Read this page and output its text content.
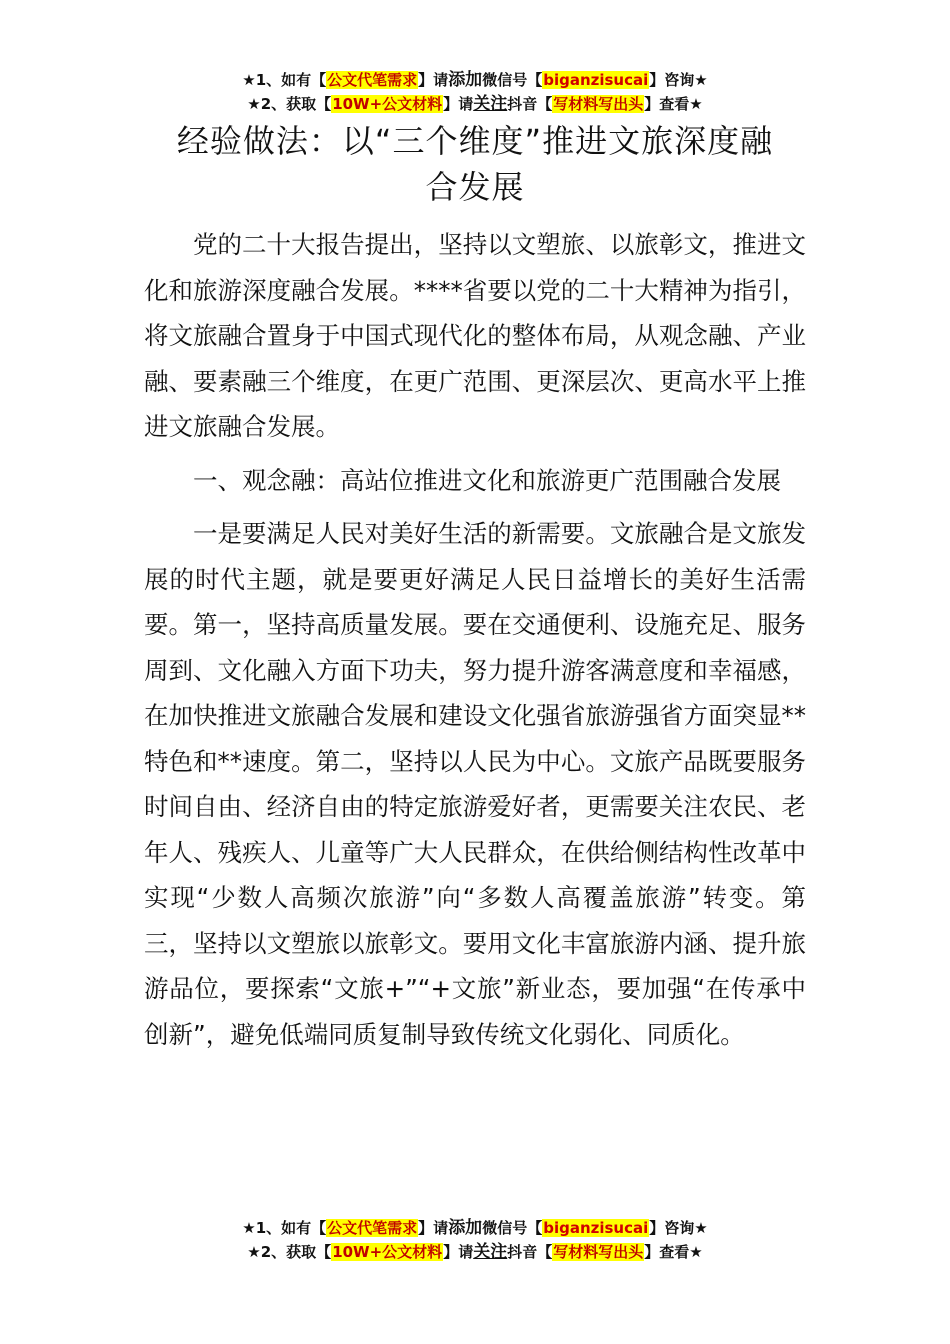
★1、如有【公文代笔需求】请添加微信号【biganzisucai】咨询★
★2、获取【10W+公文材料】请关注抖音【写材料写出头】查看★
经验做法：以“三个维度”推进文旅深度融
合发展

党的二十大报告提出，坚持以文塑旅、以旅彰文，推进文化和旅游深度融合发展。****省要以党的二十大精神为指引，将文旅融合置身于中国式现代化的整体布局，从观念融、产业融、要素融三个维度，在更广范围、更深层次、更高水平上推进文旅融合发展。

一、观念融：高站位推进文化和旅游更广范围融合发展

一是要满足人民对美好生活的新需要。文旅融合是文旅发展的时代主题，就是要更好满足人民日益增长的美好生活需要。第一，坚持高质量发展。要在交通便利、设施充足、服务周到、文化融入方面下功夫，努力提升游客满意度和幸福感，在加快推进文旅融合发展和建设文化强省旅游强省方面突显**特色和**速度。第二，坚持以人民为中心。文旅产品既要服务时间自由、经济自由的特定旅游爱好者，更需要关注农民、老年人、残疾人、儿童等广大人民群众，在供给侧结构性改革中实现“少数人高频次旅游”向“多数人高覆盖旅游”转变。第三，坚持以文塑旅以旅彰文。要用文化丰富旅游内涵、提升旅游品位，要探索“文旅+”“+文旅”新业态，要加强“在传承中创新”，避免低端同质复制导致传统文化弱化、同质化。

★1、如有【公文代笔需求】请添加微信号【biganzisucai】咨询★
★2、获取【10W+公文材料】请关注抖音【写材料写出头】查看★
